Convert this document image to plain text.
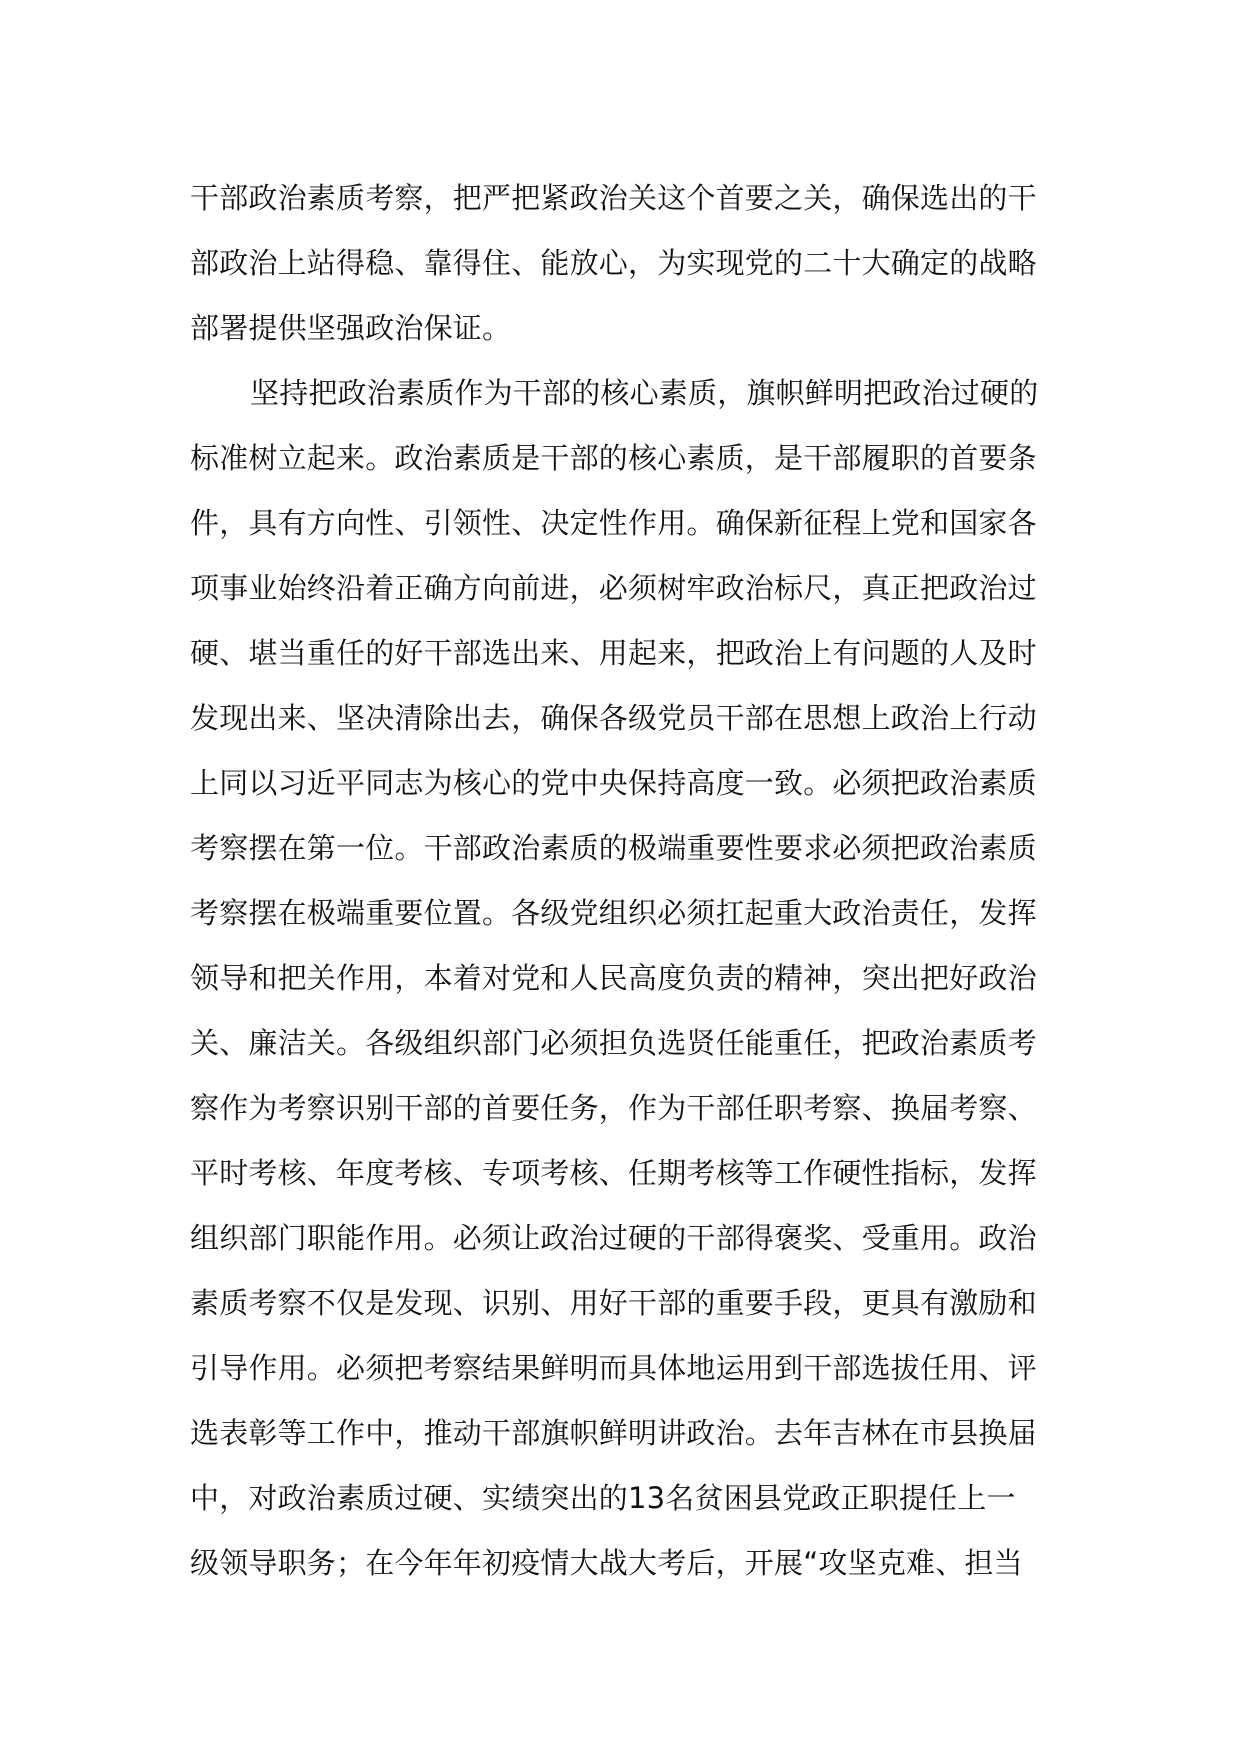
干部政治素质考察，把严把紧政治关这个首要之关，确保选出的干
部政治上站得稳、靠得住、能放心，为实现党的二十大确定的战略
部署提供坚强政治保证。

坚持把政治素质作为干部的核心素质，旗帜鲜明把政治过硬的
标准树立起来。政治素质是干部的核心素质，是干部履职的首要条
件，具有方向性、引领性、决定性作用。确保新征程上党和国家各
项事业始终沿着正确方向前进，必须树牢政治标尺，真正把政治过
硬、堪当重任的好干部选出来、用起来，把政治上有问题的人及时
发现出来、坚决清除出去，确保各级党员干部在思想上政治上行动
上同以习近平同志为核心的党中央保持高度一致。必须把政治素质
考察摆在第一位。干部政治素质的极端重要性要求必须把政治素质
考察摆在极端重要位置。各级党组织必须扛起重大政治责任，发挥
领导和把关作用，本着对党和人民高度负责的精神，突出把好政治
关、廉洁关。各级组织部门必须担负选贤任能重任，把政治素质考
察作为考察识别干部的首要任务，作为干部任职考察、换届考察、
平时考核、年度考核、专项考核、任期考核等工作硬性指标，发挥
组织部门职能作用。必须让政治过硬的干部得褒奖、受重用。政治
素质考察不仅是发现、识别、用好干部的重要手段，更具有激励和
引导作用。必须把考察结果鲜明而具体地运用到干部选拔任用、评
选表彰等工作中，推动干部旗帜鲜明讲政治。去年吉林在市县换届
中，对政治素质过硬、实绩突出的13名贫困县党政正职提任上一
级领导职务；在今年年初疫情大战大考后，开展“攻坚克难、担当
